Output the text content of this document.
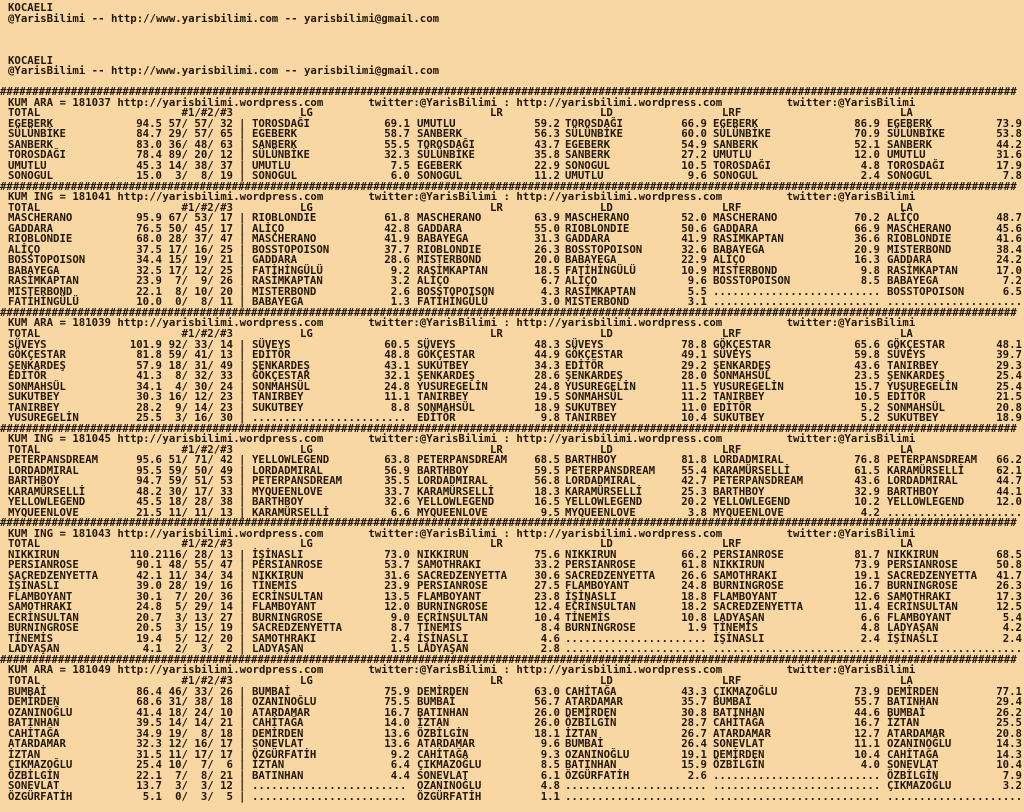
KOCAELI
@YarisBilimi -- http://www.yarisbilimi.com -- yarisbilimi@gmail.com
KOCAELI
@YarisBilimi -- http://www.yarisbilimi.com -- yarisbilimi@gmail.com
##############################################################################################################################################################
KUM ARA = 181037 http://yarisbilimi.wordpress.com       twitter:@YarisBilimi : http://yarisbilimi.wordpress.com          twitter:@YarisBilimi
TOTAL	#1/#2/#3	LG	LR	LD	LRF	LA
EGEBERK	94.5 57/ 57/ 32 | TOROSDAĞI	69.1 UMUTLU	59.2 TOROSDAĞI	66.9 EGEBERK	86.9 EGEBERK	73.9
SÜLÜNBİKE	84.7 29/ 57/ 65 | EGEBERK	58.7 SANBERK	56.3 SÜLÜNBİKE	60.0 SÜLÜNBİKE	70.9 SÜLÜNBİKE	53.8
SANBERK	83.0 36/ 48/ 63 | SANBERK	55.5 TOROSDAĞI	43.7 EGEBERK	54.9 SANBERK	52.1 SANBERK	44.2
TOROSDAĞI	78.4 89/ 20/ 12 | SÜLÜNBİKE	32.3 SÜLÜNBİKE	35.8 SANBERK	27.2 UMUTLU	12.0 UMUTLU	31.6
UMUTLU	45.3 14/ 38/ 37 | UMUTLU	7.5 EGEBERK	22.9 SONOGUL	10.5 TOROSDAĞI	4.8 TOROSDAĞI	17.9
SONOGUL	15.0 3/  8/ 19 | SONOGUL	6.0 SONOGUL	11.2 UMUTLU	9.6 SONOGUL	2.4 SONOGUL	7.8
##############################################################################################################################################################
KUM ING = 181041 http://yarisbilimi.wordpress.com       twitter:@YarisBilimi : http://yarisbilimi.wordpress.com          twitter:@YarisBilimi
TOTAL	#1/#2/#3	LG	LR	LD	LRF	LA
MASCHERANO	95.9 67/ 53/ 17 | RIOBLONDIE	61.8 MASCHERANO	63.9 MASCHERANO	52.0 MASCHERANO	70.2 ALİÇO	48.7
GADDARA	76.5 50/ 45/ 17 | ALİÇO	42.8 GADDARA	55.0 RIOBLONDIE	50.6 GADDARA	66.9 MASCHERANO	45.6
RIOBLONDIE	68.0 28/ 37/ 47 | MASCHERANO	41.9 BABAYEGA	31.3 GADDARA	41.9 RASİMKAPTAN	36.6 RIOBLONDIE	41.6
ALİÇO	37.5 17/ 16/ 25 | BOSSTOPOISON	37.7 RIOBLONDIE	26.3 BOSSTOPOISON	32.6 BABAYEGA	20.9 MISTERBOND	38.4
BOSSTOPOISON	34.4 15/ 19/ 21 | GADDARA	28.6 MISTERBOND	20.0 BABAYEGA	22.9 ALİÇO	16.3 GADDARA	24.2
BABAYEGA	32.5 17/ 12/ 25 | FATİHİNGÜLÜ	9.2 RASİMKAPTAN	18.5 FATİHİNGÜLÜ	10.9 MISTERBOND	9.8 RASİMKAPTAN	17.0
RASİMKAPTAN	23.9 7/  9/ 26 | RASİMKAPTAN	3.2 ALİÇO	6.7 ALİÇO	9.6 BOSSTOPOISON	8.5 BABAYEGA	7.2
MISTERBOND	22.1 8/ 10/ 20 | MISTERBOND	2.6 BOSSTOPOISON	4.3 RASİMKAPTAN	5.5 .......................... BOSSTOPOISON	6.5
FATİHİNGÜLÜ	10.0 0/  8/ 11 | BABAYEGA	1.3 FATİHİNGÜLÜ	3.0 MISTERBOND	3.1 .......................... .....................
##############################################################################################################################################################
KUM ARA = 181039 http://yarisbilimi.wordpress.com       twitter:@YarisBilimi : http://yarisbilimi.wordpress.com          twitter:@YarisBilimi
TOTAL	#1/#2/#3	LG	LR	LD	LRF	LA
SÜVEYS	101.9 92/ 33/ 14 | SÜVEYS	60.5 SÜVEYS	48.3 SÜVEYS	78.8 GÖKÇESTAR	65.6 GÖKÇESTAR	48.1
GÖKÇESTAR	81.8 59/ 41/ 13 | EDİTÖR	48.8 GÖKÇESTAR	44.9 GÖKÇESTAR	49.1 SÜVEYS	59.8 SÜVEYS	39.7
ŞENKARDEŞ	57.9 18/ 31/ 49 | ŞENKARDEŞ	43.1 SUKUTBEY	34.3 EDİTÖR	29.2 ŞENKARDEŞ	43.6 TANIRBEY	29.3
EDİTÖR	41.3 8/ 32/ 33 | GÖKÇESTAR	32.1 ŞENKARDEŞ	28.6 ŞENKARDEŞ	28.0 SONMAHSÜL	23.5 ŞENKARDEŞ	25.4
SONMAHSÜL	34.1 4/ 30/ 24 | SONMAHSÜL	24.8 YUSUREGELİN	24.8 YUSUREGELİN	11.5 YUSUREGELİN	15.7 YUSUREGELİN	25.4
SUKUTBEY	30.3 16/ 12/ 23 | TANIRBEY	11.1 TANIRBEY	19.5 SONMAHSÜL	11.2 TANIRBEY	10.5 EDİTÖR	21.5
TANIRBEY	28.2 9/ 14/ 23 | SUKUTBEY	8.8 SONMAHSÜL	18.9 SUKUTBEY	11.0 EDİTÖR	5.2 SONMAHSÜL	20.8
YUSUREGELİN	25.5 3/ 16/ 30 | ........................ EDİTÖR	9.8 TANIRBEY	10.4 SUKUTBEY	5.2 SUKUTBEY	18.9
##############################################################################################################################################################
KUM ING = 181045 http://yarisbilimi.wordpress.com       twitter:@YarisBilimi : http://yarisbilimi.wordpress.com          twitter:@YarisBilimi
TOTAL	#1/#2/#3	LG	LR	LD	LRF	LA
PETERPANSDREAM	95.6 51/ 71/ 42 | YELLOWLEGEND	63.8 PETERPANSDREAM	68.5 BARTHBOY	81.8 LORDADMIRAL	76.8 PETERPANSDREAM	66.2
LORDADMIRAL	95.5 59/ 50/ 49 | LORDADMIRAL	56.9 BARTHBOY	59.5 PETERPANSDREAM	55.4 KARAMÜRSELLİ	61.5 KARAMÜRSELLİ	62.1
BARTHBOY	94.7 59/ 51/ 53 | PETERPANSDREAM	35.5 LORDADMIRAL	56.8 LORDADMIRAL	42.7 PETERPANSDREAM	43.6 LORDADMIRAL	44.7
KARAMÜRSELLİ	48.2 30/ 17/ 33 | MYQUEENLOVE	33.7 KARAMÜRSELLİ	18.3 KARAMÜRSELLİ	25.3 BARTHBOY	32.9 BARTHBOY	44.1
YELLOWLEGEND	45.5 18/ 28/ 38 | BARTHBOY	32.6 YELLOWLEGEND	16.5 YELLOWLEGEND	20.2 YELLOWLEGEND	10.2 YELLOWLEGEND	12.0
MYQUEENLOVE	21.5 11/ 11/ 13 | KARAMÜRSELLİ	6.6 MYQUEENLOVE	9.5 MYQUEENLOVE	3.8 MYQUEENLOVE	4.2 .....................
##############################################################################################################################################################
KUM ING = 181043 http://yarisbilimi.wordpress.com       twitter:@YarisBilimi : http://yarisbilimi.wordpress.com          twitter:@YarisBilimi
TOTAL	#1/#2/#3	LG	LR	LD	LRF	LA
NIKKIRUN	110.2 116/ 28/ 13 | İŞİNASLI	73.0 NIKKIRUN	75.6 NIKKIRUN	66.2 PERSIANROSE	81.7 NIKKIRUN	68.5
PERSIANROSE	90.1 48/ 55/ 47 | PERSIANROSE	53.7 SAMOTHRAKI	33.2 PERSIANROSE	61.8 NIKKIRUN	73.9 PERSIANROSE	50.8
SACREDZENYETTA	42.1 11/ 34/ 34 | NIKKIRUN	31.6 SACREDZENYETTA	30.6 SACREDZENYETTA	26.6 SAMOTHRAKI	19.1 SACREDZENYETTA	41.7
İŞİNASLI	39.0 28/ 19/ 16 | TİNEMİS	23.9 PERSIANROSE	27.5 FLAMBOYANT	24.8 BURNINGROSE	16.7 BURNINGROSE	26.3
FLAMBOYANT	30.1 7/ 20/ 36 | ECRİNSULTAN	13.5 FLAMBOYANT	23.8 İŞİNASLI	18.8 FLAMBOYANT	12.6 SAMOTHRAKI	17.3
SAMOTHRAKI	24.8 5/ 29/ 14 | FLAMBOYANT	12.0 BURNINGROSE	12.4 ECRİNSULTAN	18.2 SACREDZENYETTA	11.4 ECRİNSULTAN	12.5
ECRİNSULTAN	20.7 3/ 13/ 27 | BURNINGROSE	9.0 ECRİNSULTAN	10.4 TİNEMİS	10.8 LADYAŞAN	6.6 FLAMBOYANT	5.4
BURNINGROSE	20.5 3/ 15/ 19 | SACREDZENYETTA	8.7 TİNEMİS	8.4 BURNINGROSE	1.9 TİNEMİS	4.8 LADYAŞAN	4.2
TİNEMİS	19.4 5/ 12/ 20 | SAMOTHRAKI	2.4 İŞİNASLI	4.6 ...................... İŞİNASLI	2.4 İŞİNASLI	2.4
LADYAŞAN	4.1 2/  3/  2 | LADYAŞAN	1.5 LADYAŞAN	2.8 ...................... .......................... .....................
##############################################################################################################################################################
KUM ARA = 181049 http://yarisbilimi.wordpress.com       twitter:@YarisBilimi : http://yarisbilimi.wordpress.com          twitter:@YarisBilimi
TOTAL	#1/#2/#3	LG	LR	LD	LRF	LA
BUMBAİ	86.4 46/ 33/ 26 | BUMBAİ	75.9 DEMİRDEN	63.0 CAHİTAĞA	43.3 ÇIKMAZOĞLU	73.9 DEMİRDEN	77.1
DEMİRDEN	68.6 31/ 38/ 18 | OZANINOĞLU	75.5 BUMBAİ	56.7 ATARDAMAR	35.7 BUMBAİ	55.7 BATINHAN	29.4
OZANINOĞLU	41.4 18/ 24/ 10 | ATARDAMAR	16.7 BATINHAN	26.0 DEMİRDEN	30.8 BATINHAN	44.6 BUMBAİ	26.2
BATINHAN	39.5 14/ 14/ 21 | CAHİTAĞA	14.0 İZTAN	26.0 ÖZBİLGİN	28.7 CAHİTAĞA	16.7 İZTAN	25.5
CAHİTAĞA	34.9 19/  8/ 18 | DEMİRDEN	13.6 ÖZBİLGİN	18.1 İZTAN	26.7 ATARDAMAR	12.7 ATARDAMAR	20.8
ATARDAMAR	32.3 12/ 16/ 17 | SONEVLAT	13.6 ATARDAMAR	9.6 BUMBAİ	26.4 SONEVLAT	11.1 OZANINOĞLU	14.3
İZTAN	31.5 11/ 17/ 17 | ÖZGÜRFATİH	9.2 CAHİTAĞA	9.3 OZANINOĞLU	19.1 DEMİRDEN	10.4 CAHİTAĞA	14.3
ÇIKMAZOĞLU	25.4 10/  7/  6 | İZTAN	6.4 ÇIKMAZOĞLU	8.5 BATINHAN	15.9 ÖZBİLGİN	4.0 SONEVLAT	10.4
ÖZBİLGİN	22.1 7/  8/ 21 | BATINHAN	4.4 SONEVLAT	6.1 ÖZGÜRFATİH	2.6 .......................... ÖZBİLGİN	7.9
SONEVLAT	13.7 3/  3/ 12 | ........................ OZANINOĞLU	4.8 ...................... .......................... ÇIKMAZOĞLU	3.2
ÖZGÜRFATİH	5.1 0/  3/  5 | ........................ ÖZGÜRFATİH	1.1 ...................... .......................... .....................
